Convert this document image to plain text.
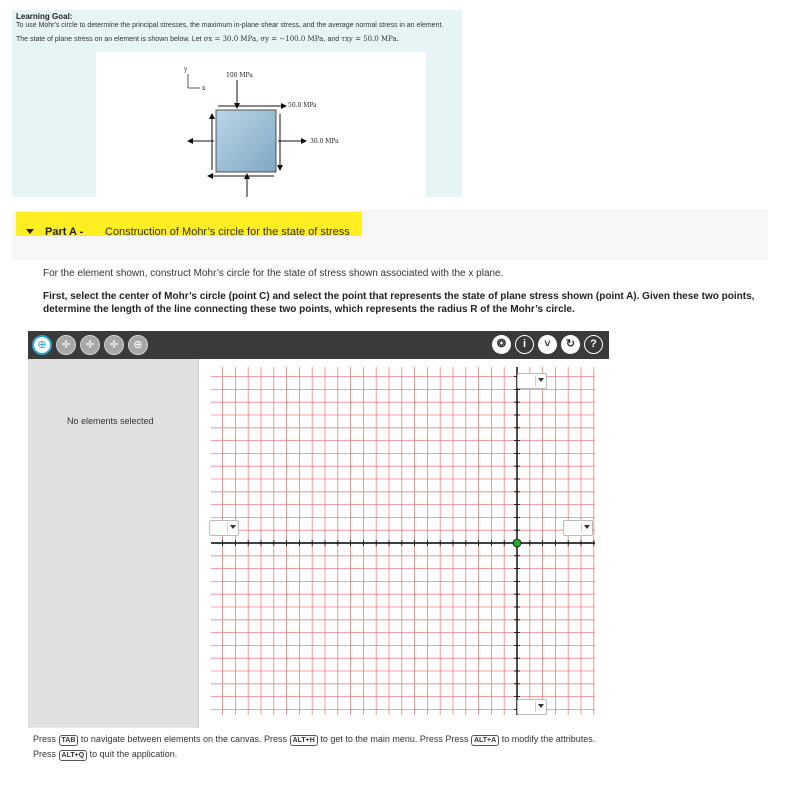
Learning Goal:
To use Mohr's circle to determine the principal stresses, the maximum in-plane shear stress, and the average normal stress in an element.
The state of plane stress on an element is shown below. Let σx = 30.0 MPa, σy = −100.0 MPa, and τxy = 50.0 MPa.
y
x
100 MPa
50.0 MPa
30.0 MPa
Part A - Construction of Mohr’s circle for the state of stress
For the element shown, construct Mohr’s circle for the state of stress shown associated with the x plane.
First, select the center of Mohr’s circle (point C) and select the point that represents the state of plane stress shown (point A). Given these two points, determine the length of the line connecting these two points, which represents the radius R of the Mohr’s circle.
⊕	✛	✛	✛	⊕	❂	i	˅	↻	?
No elements selected
Press TAB to navigate between elements on the canvas. Press ALT+H to get to the main menu. Press Press ALT+A to modify the attributes.
Press ALT+Q to quit the application.
